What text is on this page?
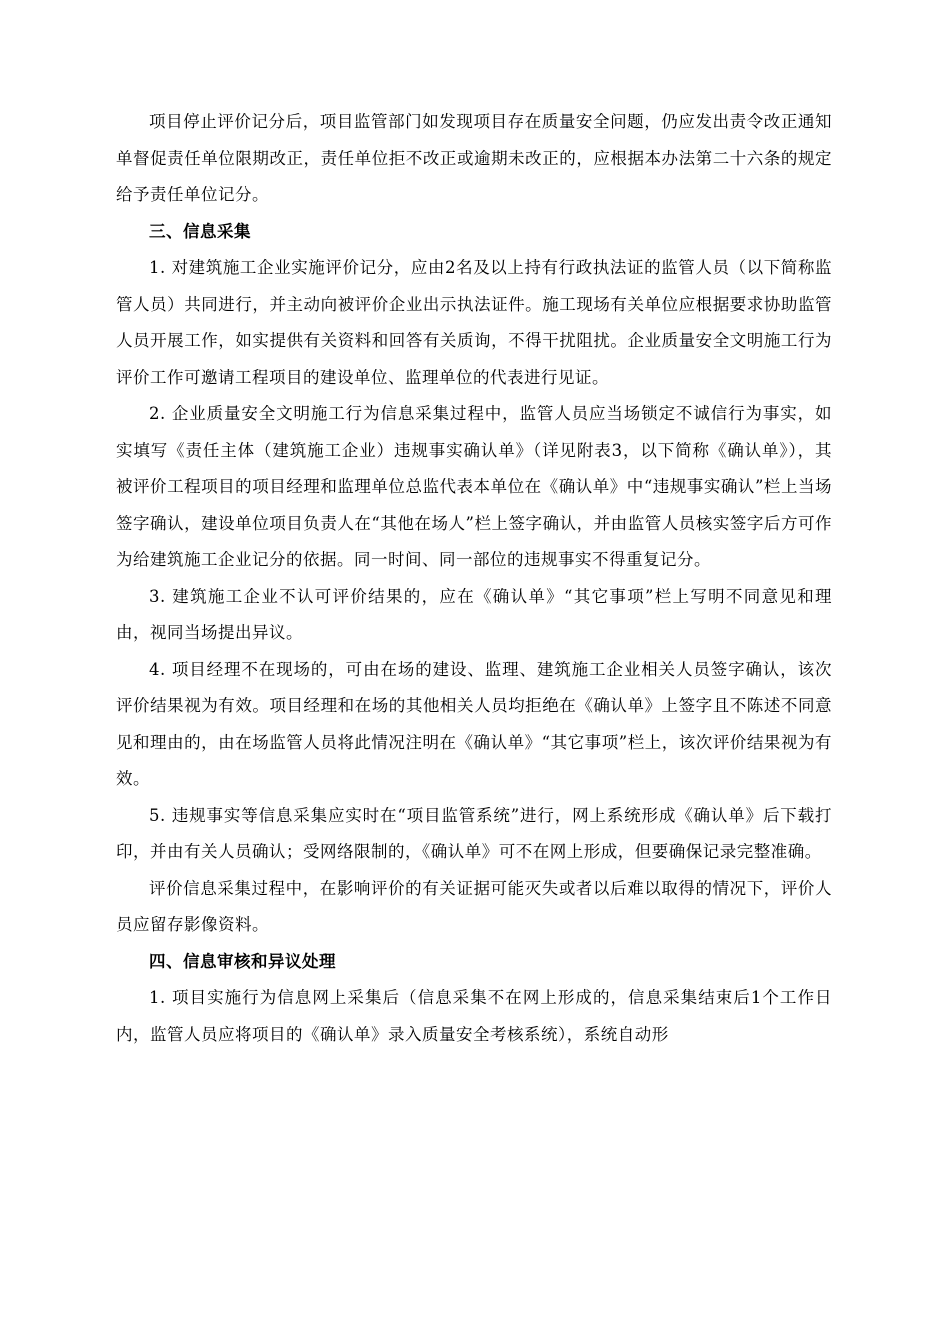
项目停止评价记分后，项目监管部门如发现项目存在质量安全问题，仍应发出责令改正通知单督促责任单位限期改正，责任单位拒不改正或逾期未改正的，应根据本办法第二十六条的规定给予责任单位记分。

三、信息采集

1. 对建筑施工企业实施评价记分，应由2名及以上持有行政执法证的监管人员（以下简称监管人员）共同进行，并主动向被评价企业出示执法证件。施工现场有关单位应根据要求协助监管人员开展工作，如实提供有关资料和回答有关质询，不得干扰阻扰。企业质量安全文明施工行为评价工作可邀请工程项目的建设单位、监理单位的代表进行见证。

2. 企业质量安全文明施工行为信息采集过程中，监管人员应当场锁定不诚信行为事实，如实填写《责任主体（建筑施工企业）违规事实确认单》（详见附表3，以下简称《确认单》），其被评价工程项目的项目经理和监理单位总监代表本单位在《确认单》中“违规事实确认”栏上当场签字确认，建设单位项目负责人在“其他在场人”栏上签字确认，并由监管人员核实签字后方可作为给建筑施工企业记分的依据。同一时间、同一部位的违规事实不得重复记分。

3. 建筑施工企业不认可评价结果的，应在《确认单》“其它事项”栏上写明不同意见和理由，视同当场提出异议。

4. 项目经理不在现场的，可由在场的建设、监理、建筑施工企业相关人员签字确认，该次评价结果视为有效。项目经理和在场的其他相关人员均拒绝在《确认单》上签字且不陈述不同意见和理由的，由在场监管人员将此情况注明在《确认单》“其它事项”栏上，该次评价结果视为有效。

5. 违规事实等信息采集应实时在“项目监管系统”进行，网上系统形成《确认单》后下载打印，并由有关人员确认；受网络限制的，《确认单》可不在网上形成，但要确保记录完整准确。

评价信息采集过程中，在影响评价的有关证据可能灭失或者以后难以取得的情况下，评价人员应留存影像资料。

四、信息审核和异议处理

1. 项目实施行为信息网上采集后（信息采集不在网上形成的，信息采集结束后1个工作日内，监管人员应将项目的《确认单》录入质量安全考核系统），系统自动形
